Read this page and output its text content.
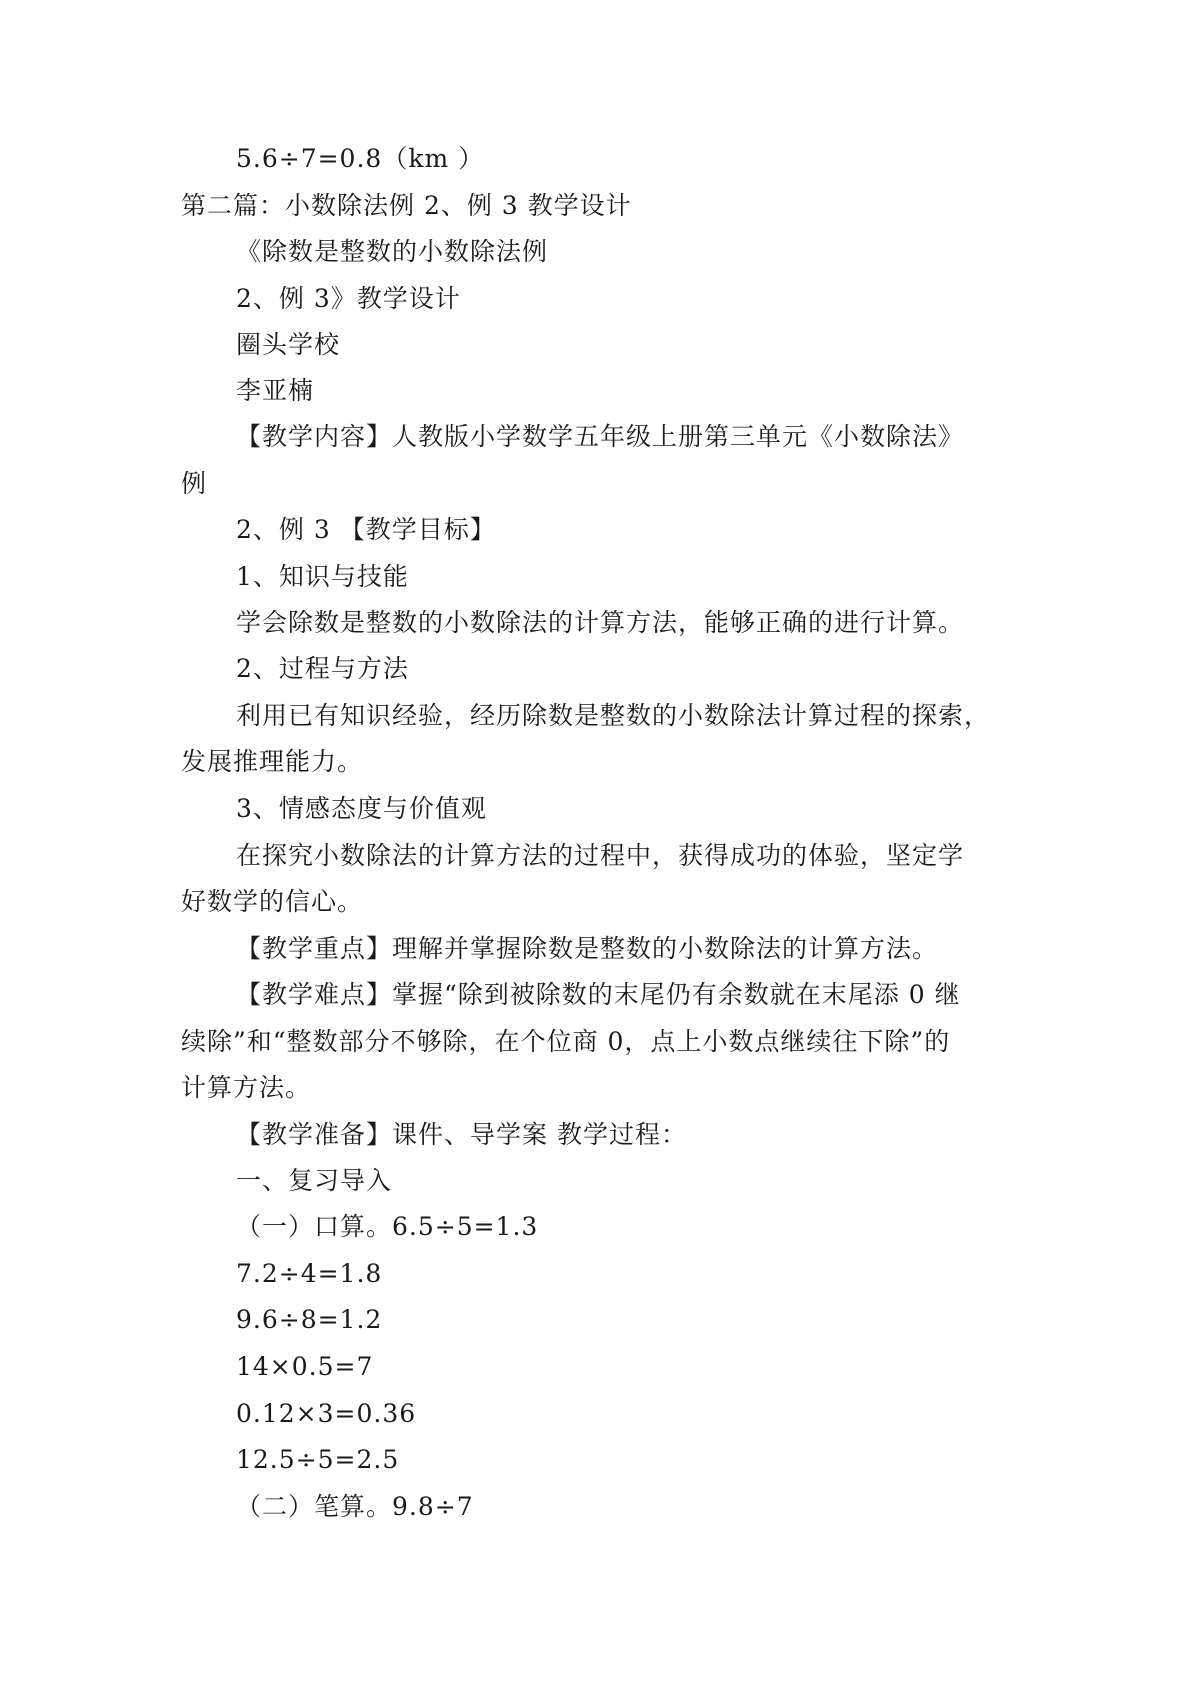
5.6÷7=0.8（km ）
第二篇：小数除法例 2、例 3 教学设计
《除数是整数的小数除法例
2、例 3》教学设计
圈头学校
李亚楠
【教学内容】人教版小学数学五年级上册第三单元《小数除法》
例
2、例 3 【教学目标】
1、知识与技能
学会除数是整数的小数除法的计算方法，能够正确的进行计算。
2、过程与方法
利用已有知识经验，经历除数是整数的小数除法计算过程的探索，
发展推理能力。
3、情感态度与价值观
在探究小数除法的计算方法的过程中，获得成功的体验，坚定学
好数学的信心。
【教学重点】理解并掌握除数是整数的小数除法的计算方法。
【教学难点】掌握“除到被除数的末尾仍有余数就在末尾添 0 继
续除”和“整数部分不够除，在个位商 0，点上小数点继续往下除”的
计算方法。
【教学准备】课件、导学案 教学过程：
一、复习导入
（一）口算。6.5÷5=1.3
7.2÷4=1.8
9.6÷8=1.2
14×0.5=7
0.12×3=0.36
12.5÷5=2.5
（二）笔算。9.8÷7
